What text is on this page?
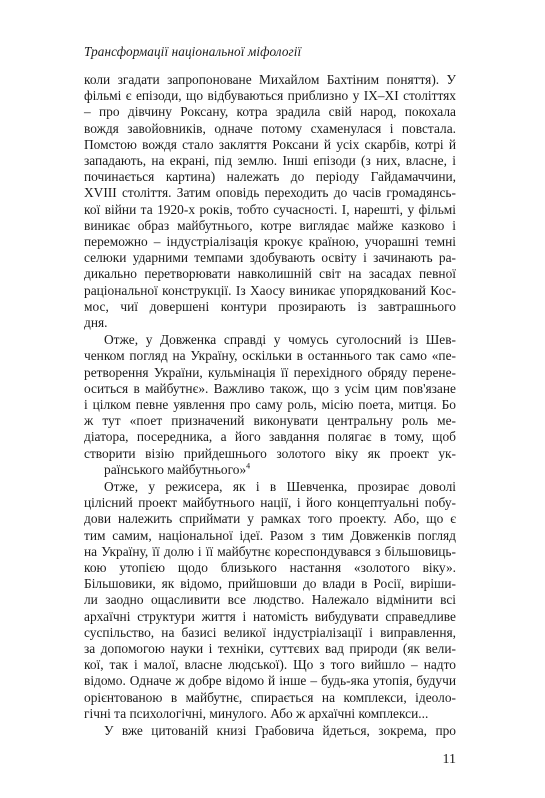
Трансформації національної міфології
коли згадати запропоноване Михайлом Бахтіним поняття). У
фільмі є епізоди, що відбуваються приблизно у IX–XI століттях
– про дівчину Роксану, котра зрадила свій народ, покохала
вождя завойовників, одначе потому схаменулася і повстала.
Помстою вождя стало закляття Роксани й усіх скарбів, котрі й
западають, на екрані, під землю. Інші епізоди (з них, власне, і
починається картина) належать до періоду Гайдамаччини,
XVIII століття. Затим оповідь переходить до часів громадянсь-
кої війни та 1920-х років, тобто сучасності. І, нарешті, у фільмі
виникає образ майбутнього, котре виглядає майже казково і
переможно – індустріалізація крокує країною, учорашні темні
селюки ударними темпами здобувають освіту і зачинають ра-
дикально перетворювати навколишній світ на засадах певної
раціональної конструкції. Із Хаосу виникає упорядкований Кос-
мос, чиї довершені контури прозирають із завтрашнього
дня.
Отже, у Довженка справді у чомусь суголосний із Шев-
ченком погляд на Україну, оскільки в останнього так само «пе-
ретворення України, кульмінація її перехідного обряду перене-
оситься в майбутнє». Важливо також, що з усім цим пов'язане
і цілком певне уявлення про саму роль, місію поета, митця. Бо
ж тут «поет призначений виконувати центральну роль ме-
діатора, посередника, а його завдання полягає в тому, щоб
створити візію прийдешнього золотого віку як проект ук-
раїнського майбутнього»$^4$
Отже, у режисера, як і в Шевченка, прозирає доволі
цілісний проект майбутнього нації, і його концептуальні побу-
дови належить сприймати у рамках того проекту. Або, що є
тим самим, національної ідеї. Разом з тим Довженків погляд
на Україну, її долю і її майбутнє кореспондувався з більшовиць-
кою утопією щодо близького настання «золотого віку».
Більшовики, як відомо, прийшовши до влади в Росії, виріши-
ли заодно ощасливити все людство. Належало відмінити всі
архаїчні структури життя і натомість вибудувати справедливе
суспільство, на базисі великої індустріалізації і виправлення,
за допомогою науки і техніки, суттєвих вад природи (як вели-
кої, так і малої, власне людської). Що з того вийшло – надто
відомо. Одначе ж добре відомо й інше – будь-яка утопія, будучи
орієнтованою в майбутнє, спирається на комплекси, ідеоло-
гічні та психологічні, минулого. Або ж архаїчні комплекси...
У вже цитованій книзі Грабовича йдеться, зокрема, про
11
